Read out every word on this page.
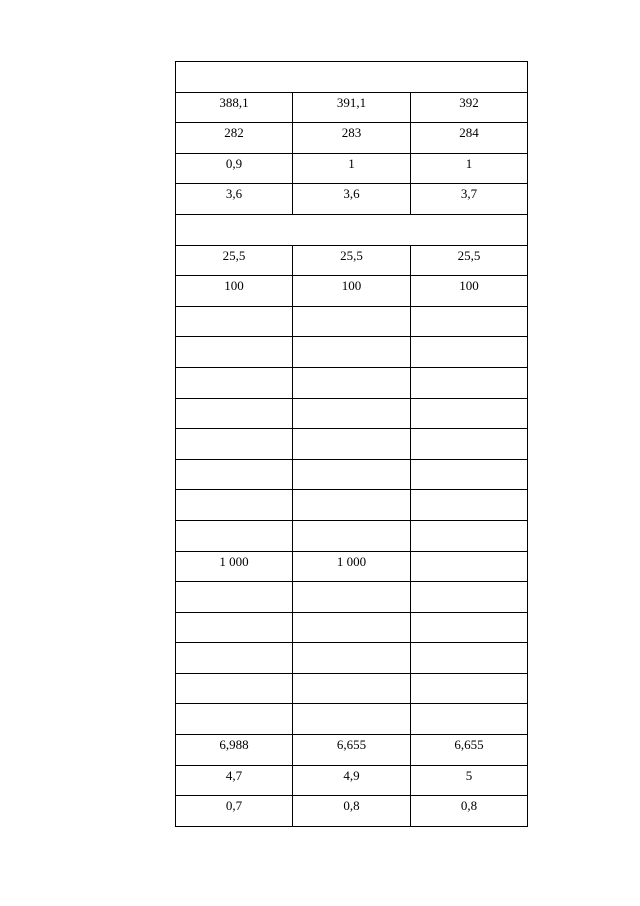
388,1	391,1	392
282	283	284
0,9	1	1
3,6	3,6	3,7

25,5	25,5	25,5
100	100	100

1 000	1 000	

6,988	6,655	6,655
4,7	4,9	5
0,7	0,8	0,8
